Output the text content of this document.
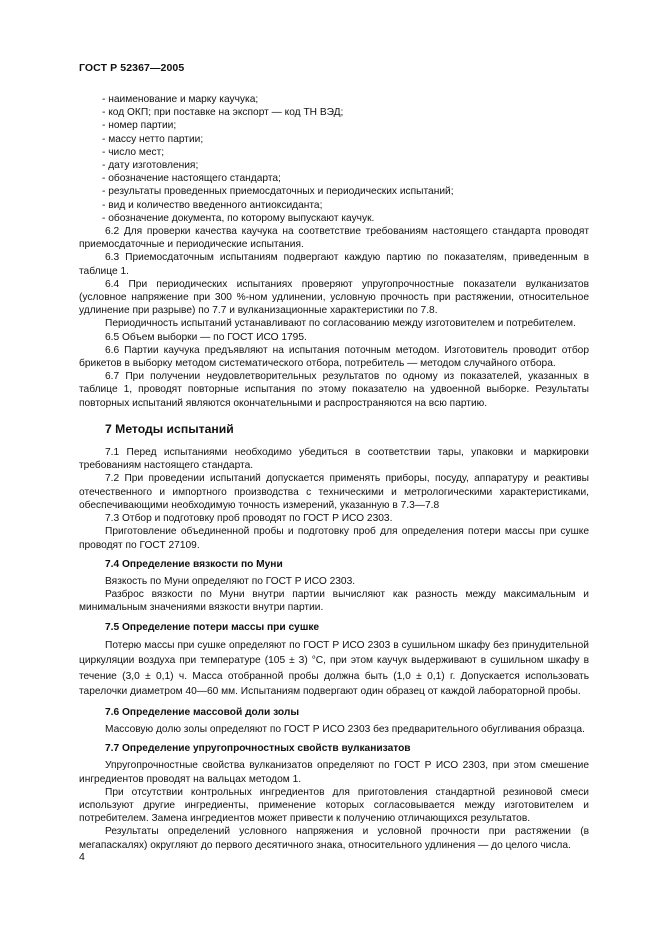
ГОСТ Р 52367—2005

- наименование и марку каучука;

- код ОКП; при поставке на экспорт — код ТН ВЭД;

- номер партии;

- массу нетто партии;

- число мест;

- дату изготовления;

- обозначение настоящего стандарта;

- результаты проведенных приемосдаточных и периодических испытаний;

- вид и количество введенного антиоксиданта;

- обозначение документа, по которому выпускают каучук.

6.2 Для проверки качества каучука на соответствие требованиям настоящего стандарта проводят приемосдаточные и периодические испытания.

6.3 Приемосдаточным испытаниям подвергают каждую партию по показателям, приведенным в таблице 1.

6.4 При периодических испытаниях проверяют упругопрочностные показатели вулканизатов (условное напряжение при 300 %-ном удлинении, условную прочность при растяжении, относительное удлинение при разрыве) по 7.7 и вулканизационные характеристики по 7.8.

Периодичность испытаний устанавливают по согласованию между изготовителем и потребителем.

6.5 Объем выборки — по ГОСТ ИСО 1795.

6.6 Партии каучука предъявляют на испытания поточным методом. Изготовитель проводит отбор брикетов в выборку методом систематического отбора, потребитель — методом случайного отбора.

6.7 При получении неудовлетворительных результатов по одному из показателей, указанных в таблице 1, проводят повторные испытания по этому показателю на удвоенной выборке. Результаты повторных испытаний являются окончательными и распространяются на всю партию.

7 Методы испытаний

7.1 Перед испытаниями необходимо убедиться в соответствии тары, упаковки и маркировки требованиям настоящего стандарта.

7.2 При проведении испытаний допускается применять приборы, посуду, аппаратуру и реактивы отечественного и импортного производства с техническими и метрологическими характеристиками, обеспечивающими необходимую точность измерений, указанную в 7.3—7.8

7.3 Отбор и подготовку проб проводят по ГОСТ Р ИСО 2303.

Приготовление объединенной пробы и подготовку проб для определения потери массы при сушке проводят по ГОСТ 27109.

7.4 Определение вязкости по Муни

Вязкость по Муни определяют по ГОСТ Р ИСО 2303.

Разброс вязкости по Муни внутри партии вычисляют как разность между максимальным и минимальным значениями вязкости внутри партии.

7.5 Определение потери массы при сушке

Потерю массы при сушке определяют по ГОСТ Р ИСО 2303 в сушильном шкафу без принудительной циркуляции воздуха при температуре (105 ± 3) °С, при этом каучук выдерживают в сушильном шкафу в течение (3,0 ± 0,1) ч. Масса отобранной пробы должна быть (1,0 ± 0,1) г. Допускается использовать тарелочки диаметром 40—60 мм. Испытаниям подвергают один образец от каждой лабораторной пробы.

7.6 Определение массовой доли золы

Массовую долю золы определяют по ГОСТ Р ИСО 2303 без предварительного обугливания образца.

7.7 Определение упругопрочностных свойств вулканизатов

Упругопрочностные свойства вулканизатов определяют по ГОСТ Р ИСО 2303, при этом смешение ингредиентов проводят на вальцах методом 1.

При отсутствии контрольных ингредиентов для приготовления стандартной резиновой смеси используют другие ингредиенты, применение которых согласовывается между изготовителем и потребителем. Замена ингредиентов может привести к получению отличающихся результатов.

Результаты определений условного напряжения и условной прочности при растяжении (в мегапаскалях) округляют до первого десятичного знака, относительного удлинения — до целого числа.

4
